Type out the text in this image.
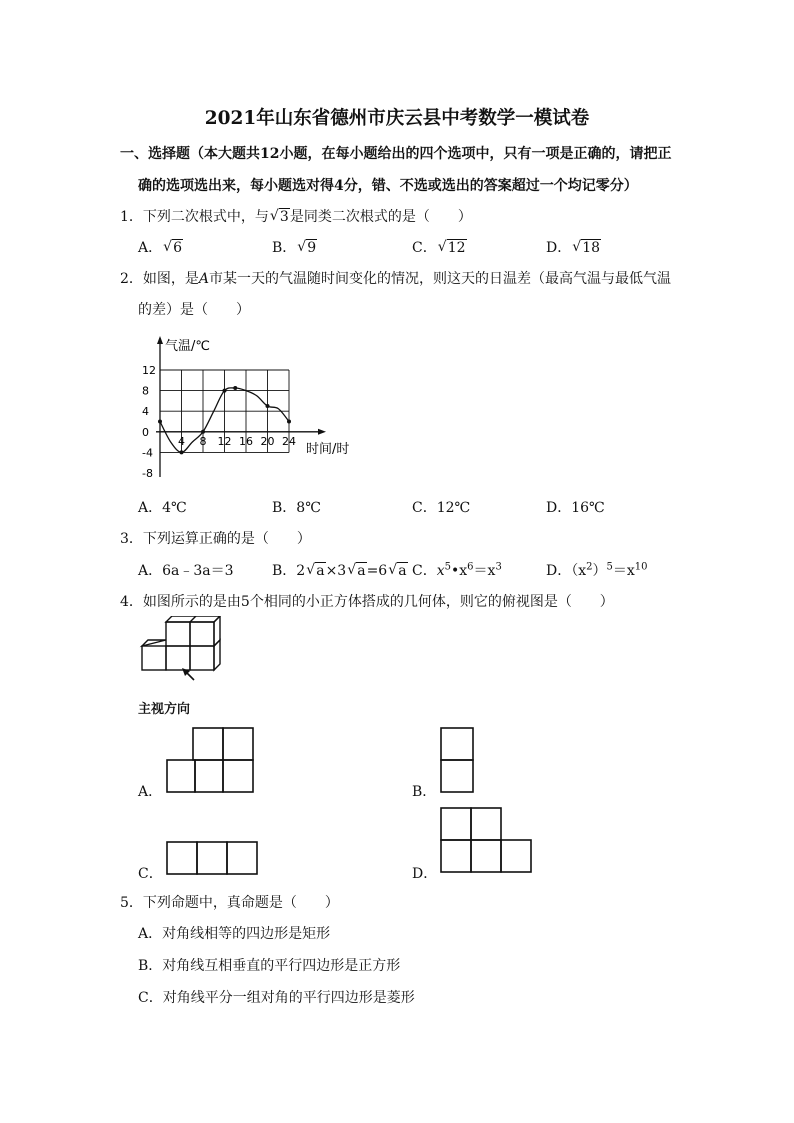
2021年山东省德州市庆云县中考数学一模试卷
一、选择题（本大题共12小题，在每小题给出的四个选项中，只有一项是正确的，请把正
确的选项选出来，每小题选对得4分，错、不选或选出的答案超过一个均记零分）
1．下列二次根式中，与 √ 3是同类二次根式的是（　　）
A． √ 6	B． √ 9	C． √ 12	D． √ 18
2．如图，是A市某一天的气温随时间变化的情况，则这天的日温差（最高气温与最低气温
的差）是（　　）
12
8
4
0
-4
-8
4 8 12 16 20 24
气温/℃
时间/时
A．4℃	B．8℃	C．12℃	D．16℃
3．下列运算正确的是（　　）
A．6a﹣3a＝3	B．2 √ a×3 √ a=6 √ a C．$x^5•x^6=x^3$	D．$(x^2)^5=x^{10}$
4．如图所示的是由5个相同的小正方体搭成的几何体，则它的俯视图是（　　）
主视方向
A．	B．
C．	D．
5．下列命题中，真命题是（　　）
A．对角线相等的四边形是矩形
B．对角线互相垂直的平行四边形是正方形
C．对角线平分一组对角的平行四边形是菱形
